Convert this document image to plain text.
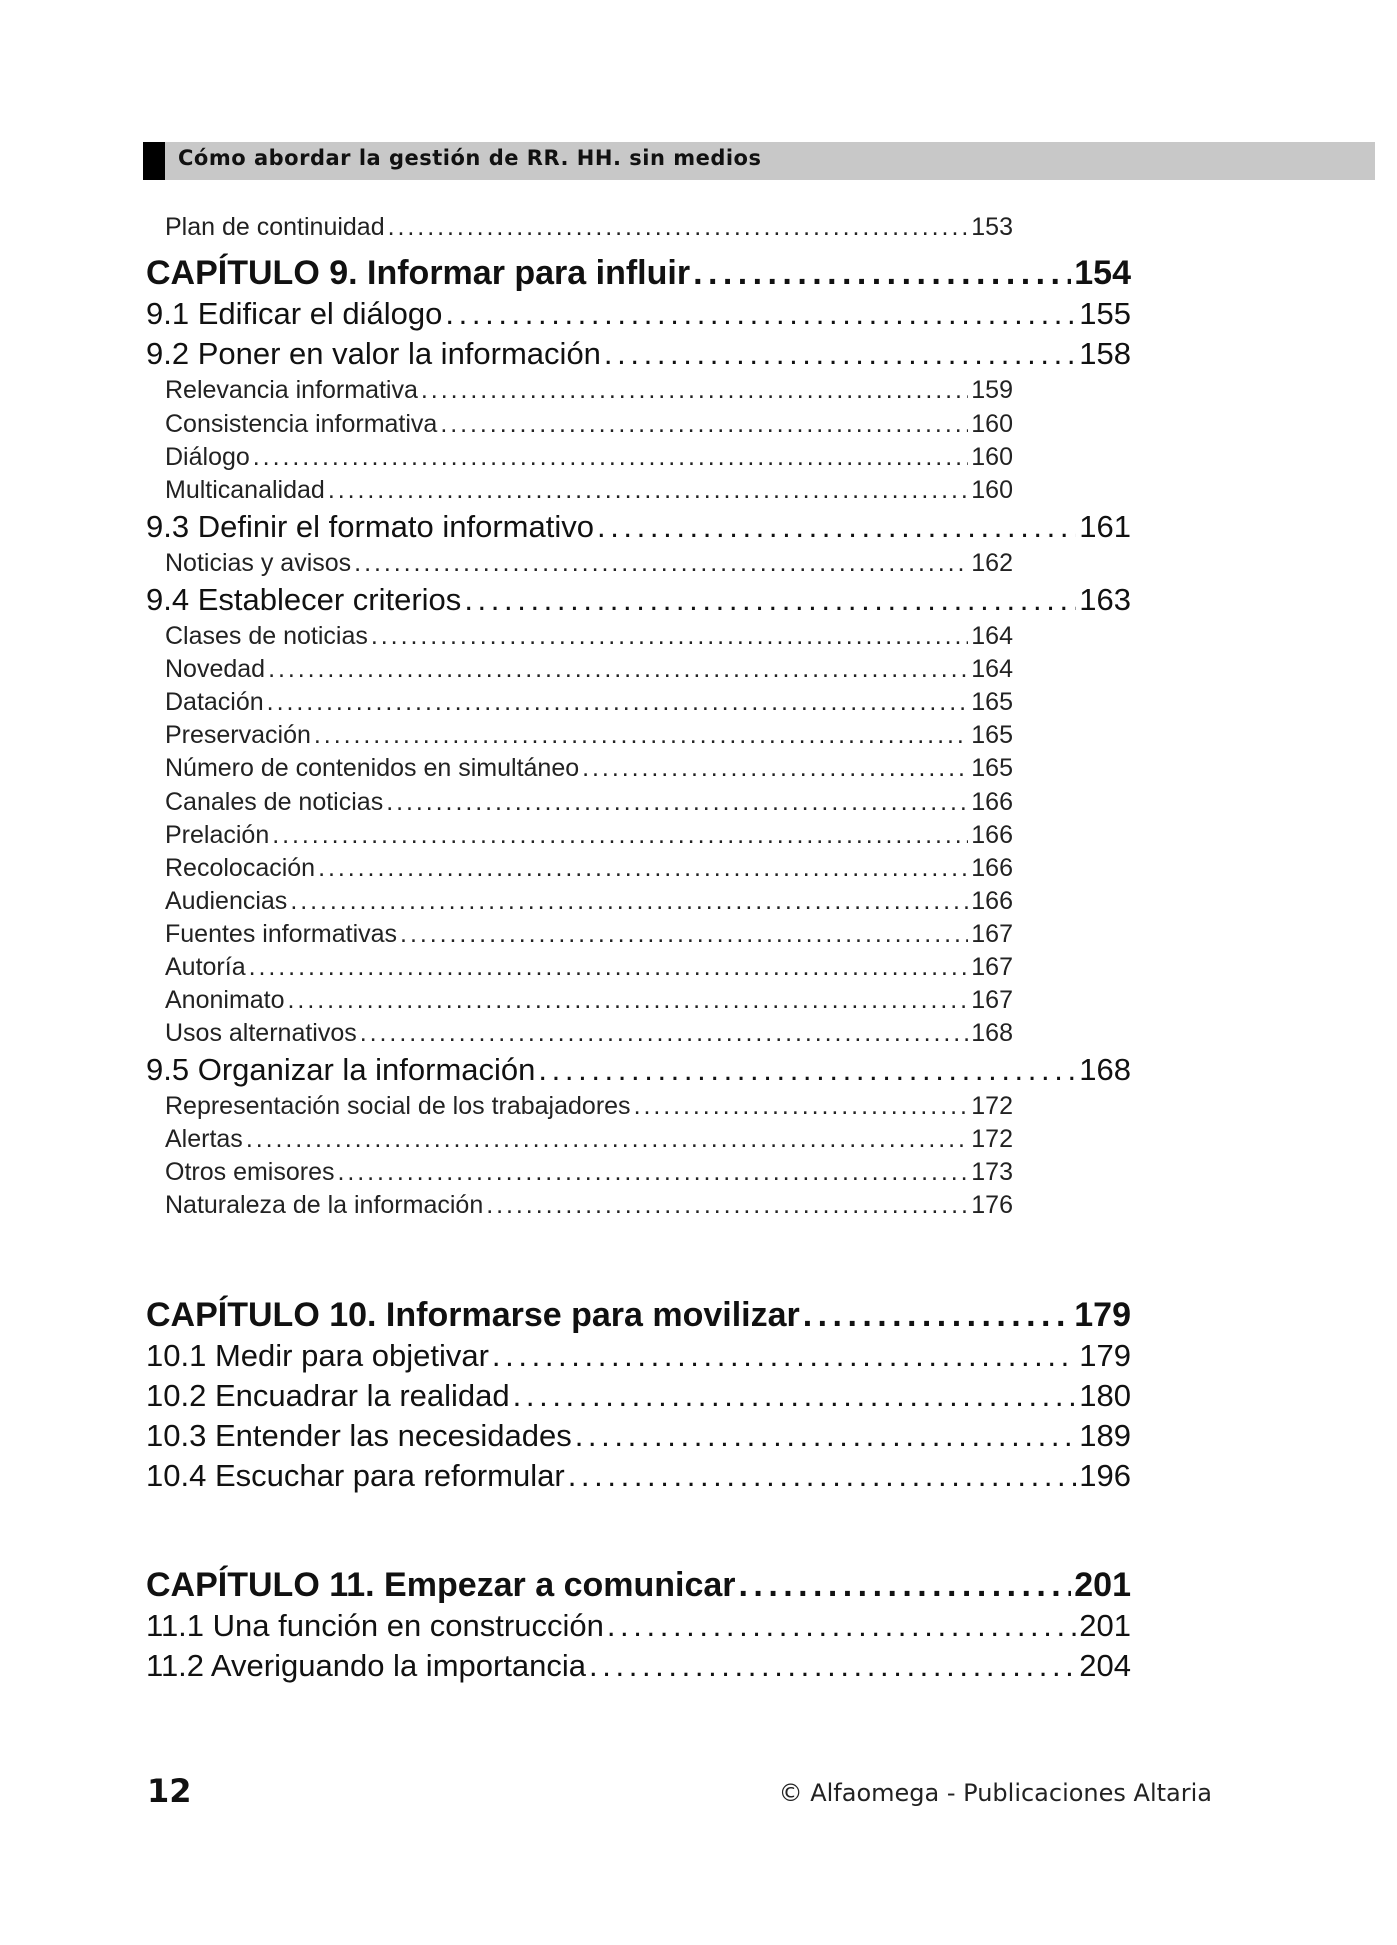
Cómo abordar la gestión de RR. HH. sin medios
Plan de continuidad . . .	153
CAPÍTULO 9. Informar para influir . . .	154
9.1 Edificar el diálogo . . .	155
9.2 Poner en valor la información . . .	158
Relevancia informativa . . .	159
Consistencia informativa . . .	160
Diálogo . . .	160
Multicanalidad . . .	160
9.3 Definir el formato informativo . . .	161
Noticias y avisos . . .	162
9.4 Establecer criterios . . .	163
Clases de noticias . . .	164
Novedad . . .	164
Datación . . .	165
Preservación . . .	165
Número de contenidos en simultáneo . . .	165
Canales de noticias . . .	166
Prelación . . .	166
Recolocación . . .	166
Audiencias . . .	166
Fuentes informativas . . .	167
Autoría . . .	167
Anonimato . . .	167
Usos alternativos . . .	168
9.5 Organizar la información . . .	168
Representación social de los trabajadores . . .	172
Alertas . . .	172
Otros emisores . . .	173
Naturaleza de la información . . .	176
CAPÍTULO 10. Informarse para movilizar . . .	179
10.1 Medir para objetivar . . .	179
10.2 Encuadrar la realidad . . .	180
10.3 Entender las necesidades . . .	189
10.4 Escuchar para reformular . . .	196
CAPÍTULO 11. Empezar a comunicar . . .	201
11.1 Una función en construcción . . .	201
11.2 Averiguando la importancia . . .	204
12	© Alfaomega - Publicaciones Altaria
